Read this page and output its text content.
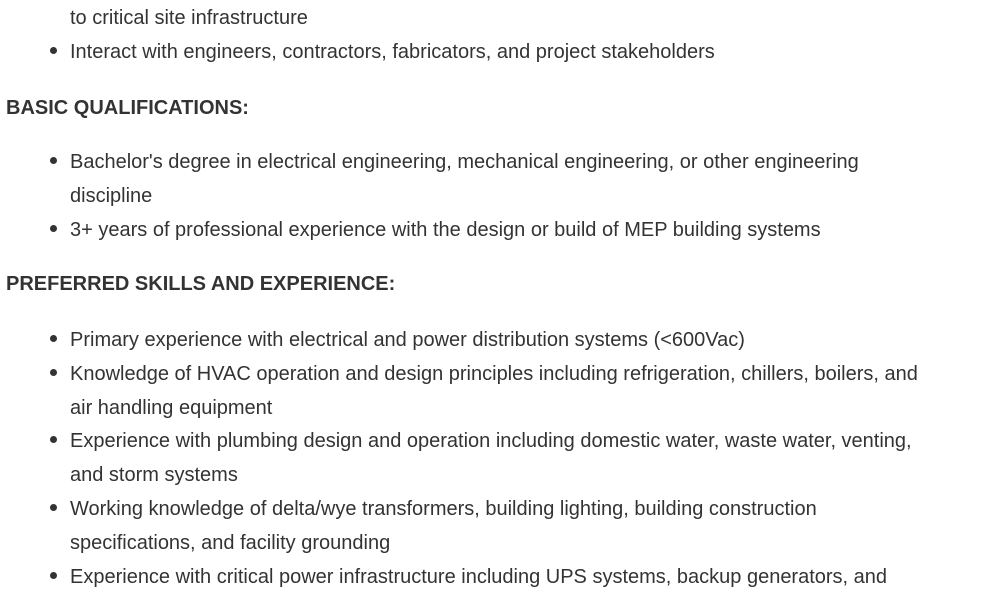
to critical site infrastructure
Interact with engineers, contractors, fabricators, and project stakeholders
BASIC QUALIFICATIONS:
Bachelor's degree in electrical engineering, mechanical engineering, or other engineering
discipline
3+ years of professional experience with the design or build of MEP building systems
PREFERRED SKILLS AND EXPERIENCE:
Primary experience with electrical and power distribution systems (<600Vac)
Knowledge of HVAC operation and design principles including refrigeration, chillers, boilers, and
air handling equipment
Experience with plumbing design and operation including domestic water, waste water, venting,
and storm systems
Working knowledge of delta/wye transformers, building lighting, building construction
specifications, and facility grounding
Experience with critical power infrastructure including UPS systems, backup generators, and
